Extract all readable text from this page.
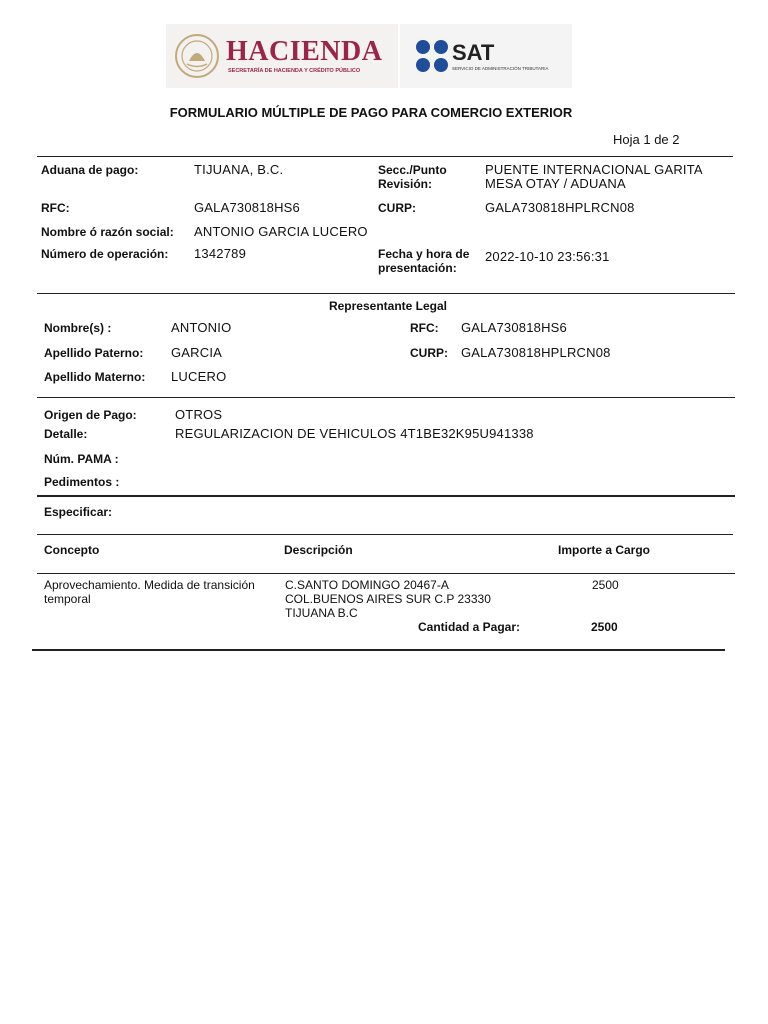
HACIENDA
SECRETARÍA DE HACIENDA Y CRÉDITO PÚBLICO
SAT
SERVICIO DE ADMINISTRACIÓN TRIBUTARIA
FORMULARIO MÚLTIPLE DE PAGO PARA COMERCIO EXTERIOR
Hoja 1 de 2
Aduana de pago:	TIJUANA, B.C.	Secc./Punto
Revisión:
PUENTE INTERNACIONAL GARITA
MESA OTAY / ADUANA
RFC:	GALA730818HS6	CURP:	GALA730818HPLRCN08
Nombre ó razón social: ANTONIO GARCIA LUCERO
Número de operación: 1342789	Fecha y hora de
presentación:
2022-10-10 23:56:31
Representante Legal
Nombre(s) :	ANTONIO	RFC: GALA730818HS6
Apellido Paterno: GARCIA	CURP: GALA730818HPLRCN08
Apellido Materno: LUCERO
Origen de Pago:	OTROS
Detalle:	REGULARIZACION DE VEHICULOS 4T1BE32K95U941338
Núm. PAMA :
Pedimentos :
Especificar:
Concepto	Descripción	Importe a Cargo
Aprovechamiento. Medida de transición
temporal
C.SANTO DOMINGO 20467-A
COL.BUENOS AIRES SUR C.P 23330
TIJUANA B.C
2500
Cantidad a Pagar:	2500
